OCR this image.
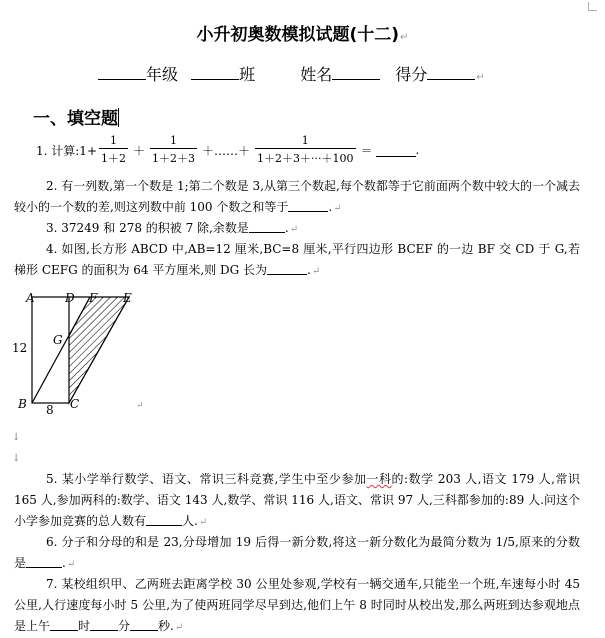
小升初奥数模拟试题(十二)↵
年级	班	姓名	得分	↵
一、填空题
1. 计算:1+ $\frac{1}{1+2} + \frac{1}{1+2+3}$ ＋……＋ $\frac{1}{1+2+3+\cdot\cdot\cdot+100}$ ＝	.
2. 有一列数,第一个数是 1;第二个数是 3,从第三个数起,每个数都等于它前面两个数中较大的一个减去较小的一个数的差,则这列数中前 100 个数之和等于	.↵
3. 37249 和 278 的积被 7 除,余数是	.↵
4. 如图,长方形 ABCD 中,AB=12 厘米,BC=8 厘米,平行四边形 BCEF 的一边 BF 交 CD 于 G,若梯形 CEFG 的面积为 64 平方厘米,则 DG 长为	.↵
A	D F E
G
12
B	C
8	↵
↓
↓
5. 某小学举行数学、语文、常识三科竞赛,学生中至少参加一科的:数学 203 人,语文 179 人,常识 165 人,参加两科的:数学、语文 143 人,数学、常识 116 人,语文、常识 97 人,三科都参加的:89 人.问这个小学参加竞赛的总人数有	人.↵
6. 分子和分母的和是 23,分母增加 19 后得一新分数,将这一新分数化为最简分数为 1/5,原来的分数是	.↵
7. 某校组织甲、乙两班去距离学校 30 公里处参观,学校有一辆交通车,只能坐一个班,车速每小时 45 公里,人行速度每小时 5 公里,为了使两班同学尽早到达,他们上午 8 时同时从校出发,那么两班到达参观地点是上午 时 分 秒.↵
